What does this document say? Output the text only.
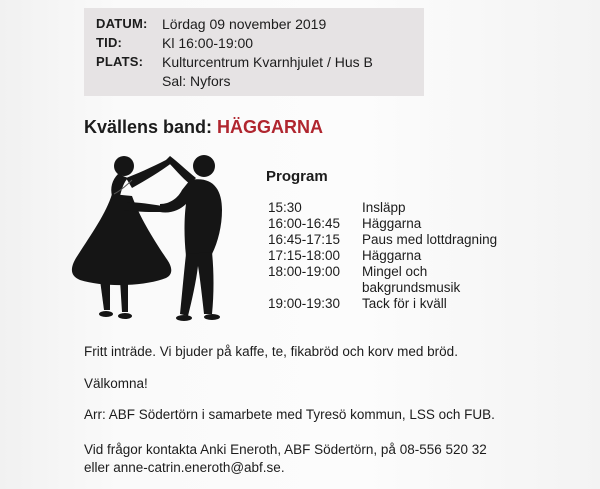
DATUM: Lördag 09 november 2019
TID:	Kl 16:00-19:00
PLATS: Kulturcentrum Kvarnhjulet / Hus B
Sal: Nyfors
Kvällens band: HÄGGARNA
Program
15:30	Insläpp
16:00-16:45 Häggarna
16:45-17:15 Paus med lottdragning
17:15-18:00 Häggarna
18:00-19:00 Mingel och
bakgrundsmusik
19:00-19:30 Tack för i kväll
Fritt inträde. Vi bjuder på kaffe, te, fikabröd och korv med bröd.
Välkomna!
Arr: ABF Södertörn i samarbete med Tyresö kommun, LSS och FUB.
Vid frågor kontakta Anki Eneroth, ABF Södertörn, på 08-556 520 32
eller anne-catrin.eneroth@abf.se.
